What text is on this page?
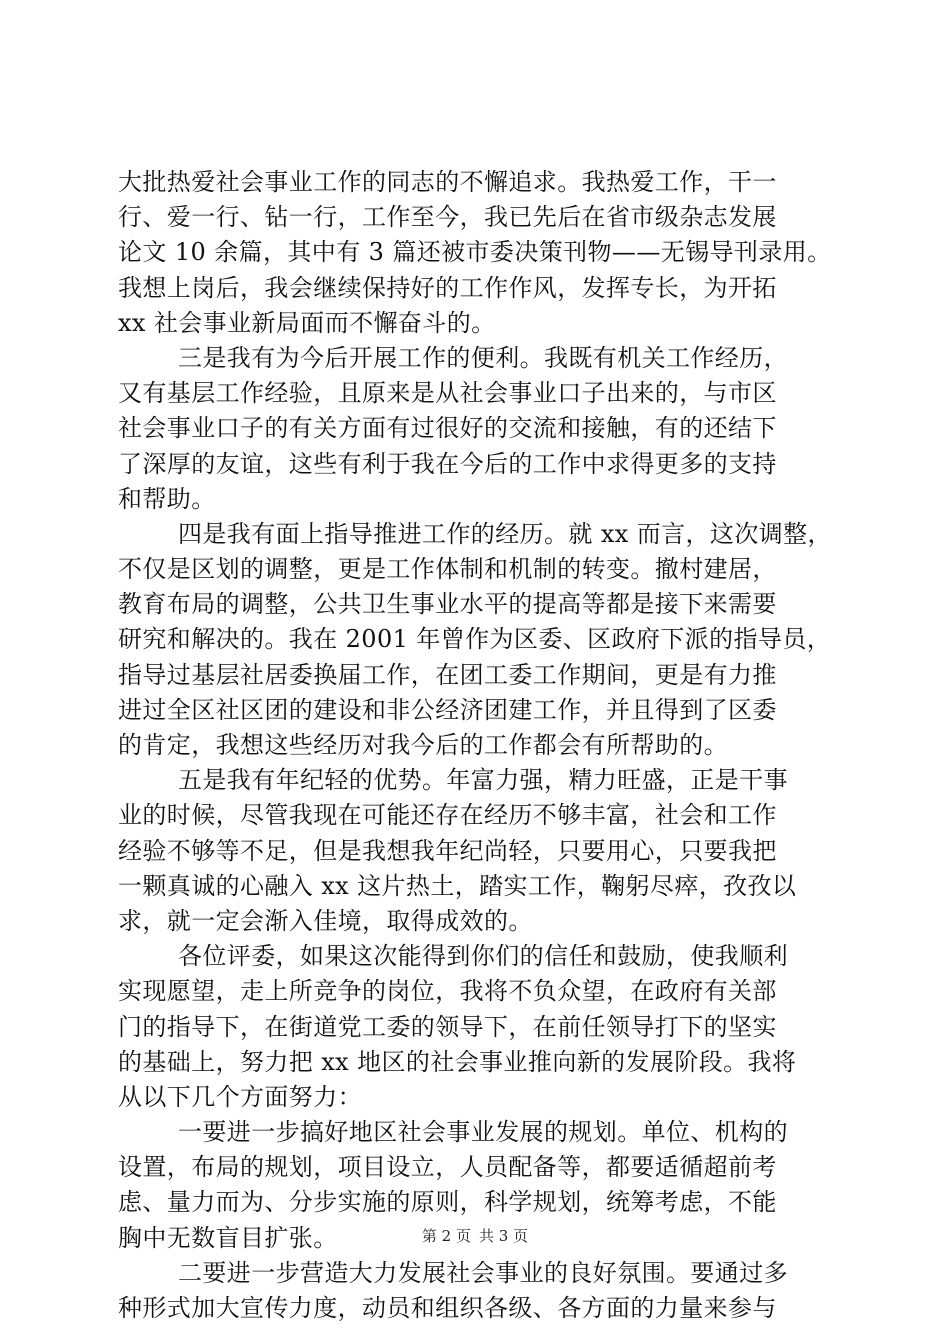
大批热爱社会事业工作的同志的不懈追求。我热爱工作，干一
行、爱一行、钻一行，工作至今，我已先后在省市级杂志发展
论文 10 余篇，其中有 3 篇还被市委决策刊物——无锡导刊录用。
我想上岗后，我会继续保持好的工作作风，发挥专长，为开拓
xx 社会事业新局面而不懈奋斗的。
三是我有为今后开展工作的便利。我既有机关工作经历，
又有基层工作经验，且原来是从社会事业口子出来的，与市区
社会事业口子的有关方面有过很好的交流和接触，有的还结下
了深厚的友谊，这些有利于我在今后的工作中求得更多的支持
和帮助。
四是我有面上指导推进工作的经历。就 xx 而言，这次调整，
不仅是区划的调整，更是工作体制和机制的转变。撤村建居，
教育布局的调整，公共卫生事业水平的提高等都是接下来需要
研究和解决的。我在 2001 年曾作为区委、区政府下派的指导员，
指导过基层社居委换届工作，在团工委工作期间，更是有力推
进过全区社区团的建设和非公经济团建工作，并且得到了区委
的肯定，我想这些经历对我今后的工作都会有所帮助的。
五是我有年纪轻的优势。年富力强，精力旺盛，正是干事
业的时候，尽管我现在可能还存在经历不够丰富，社会和工作
经验不够等不足，但是我想我年纪尚轻，只要用心，只要我把
一颗真诚的心融入 xx 这片热土，踏实工作，鞠躬尽瘁，孜孜以
求，就一定会渐入佳境，取得成效的。
各位评委，如果这次能得到你们的信任和鼓励，使我顺利
实现愿望，走上所竞争的岗位，我将不负众望，在政府有关部
门的指导下，在街道党工委的领导下，在前任领导打下的坚实
的基础上，努力把 xx 地区的社会事业推向新的发展阶段。我将
从以下几个方面努力：
一要进一步搞好地区社会事业发展的规划。单位、机构的
设置，布局的规划，项目设立，人员配备等，都要适循超前考
虑、量力而为、分步实施的原则，科学规划，统筹考虑，不能
胸中无数盲目扩张。
二要进一步营造大力发展社会事业的良好氛围。要通过多
种形式加大宣传力度，动员和组织各级、各方面的力量来参与
第 2 页 共 3 页
